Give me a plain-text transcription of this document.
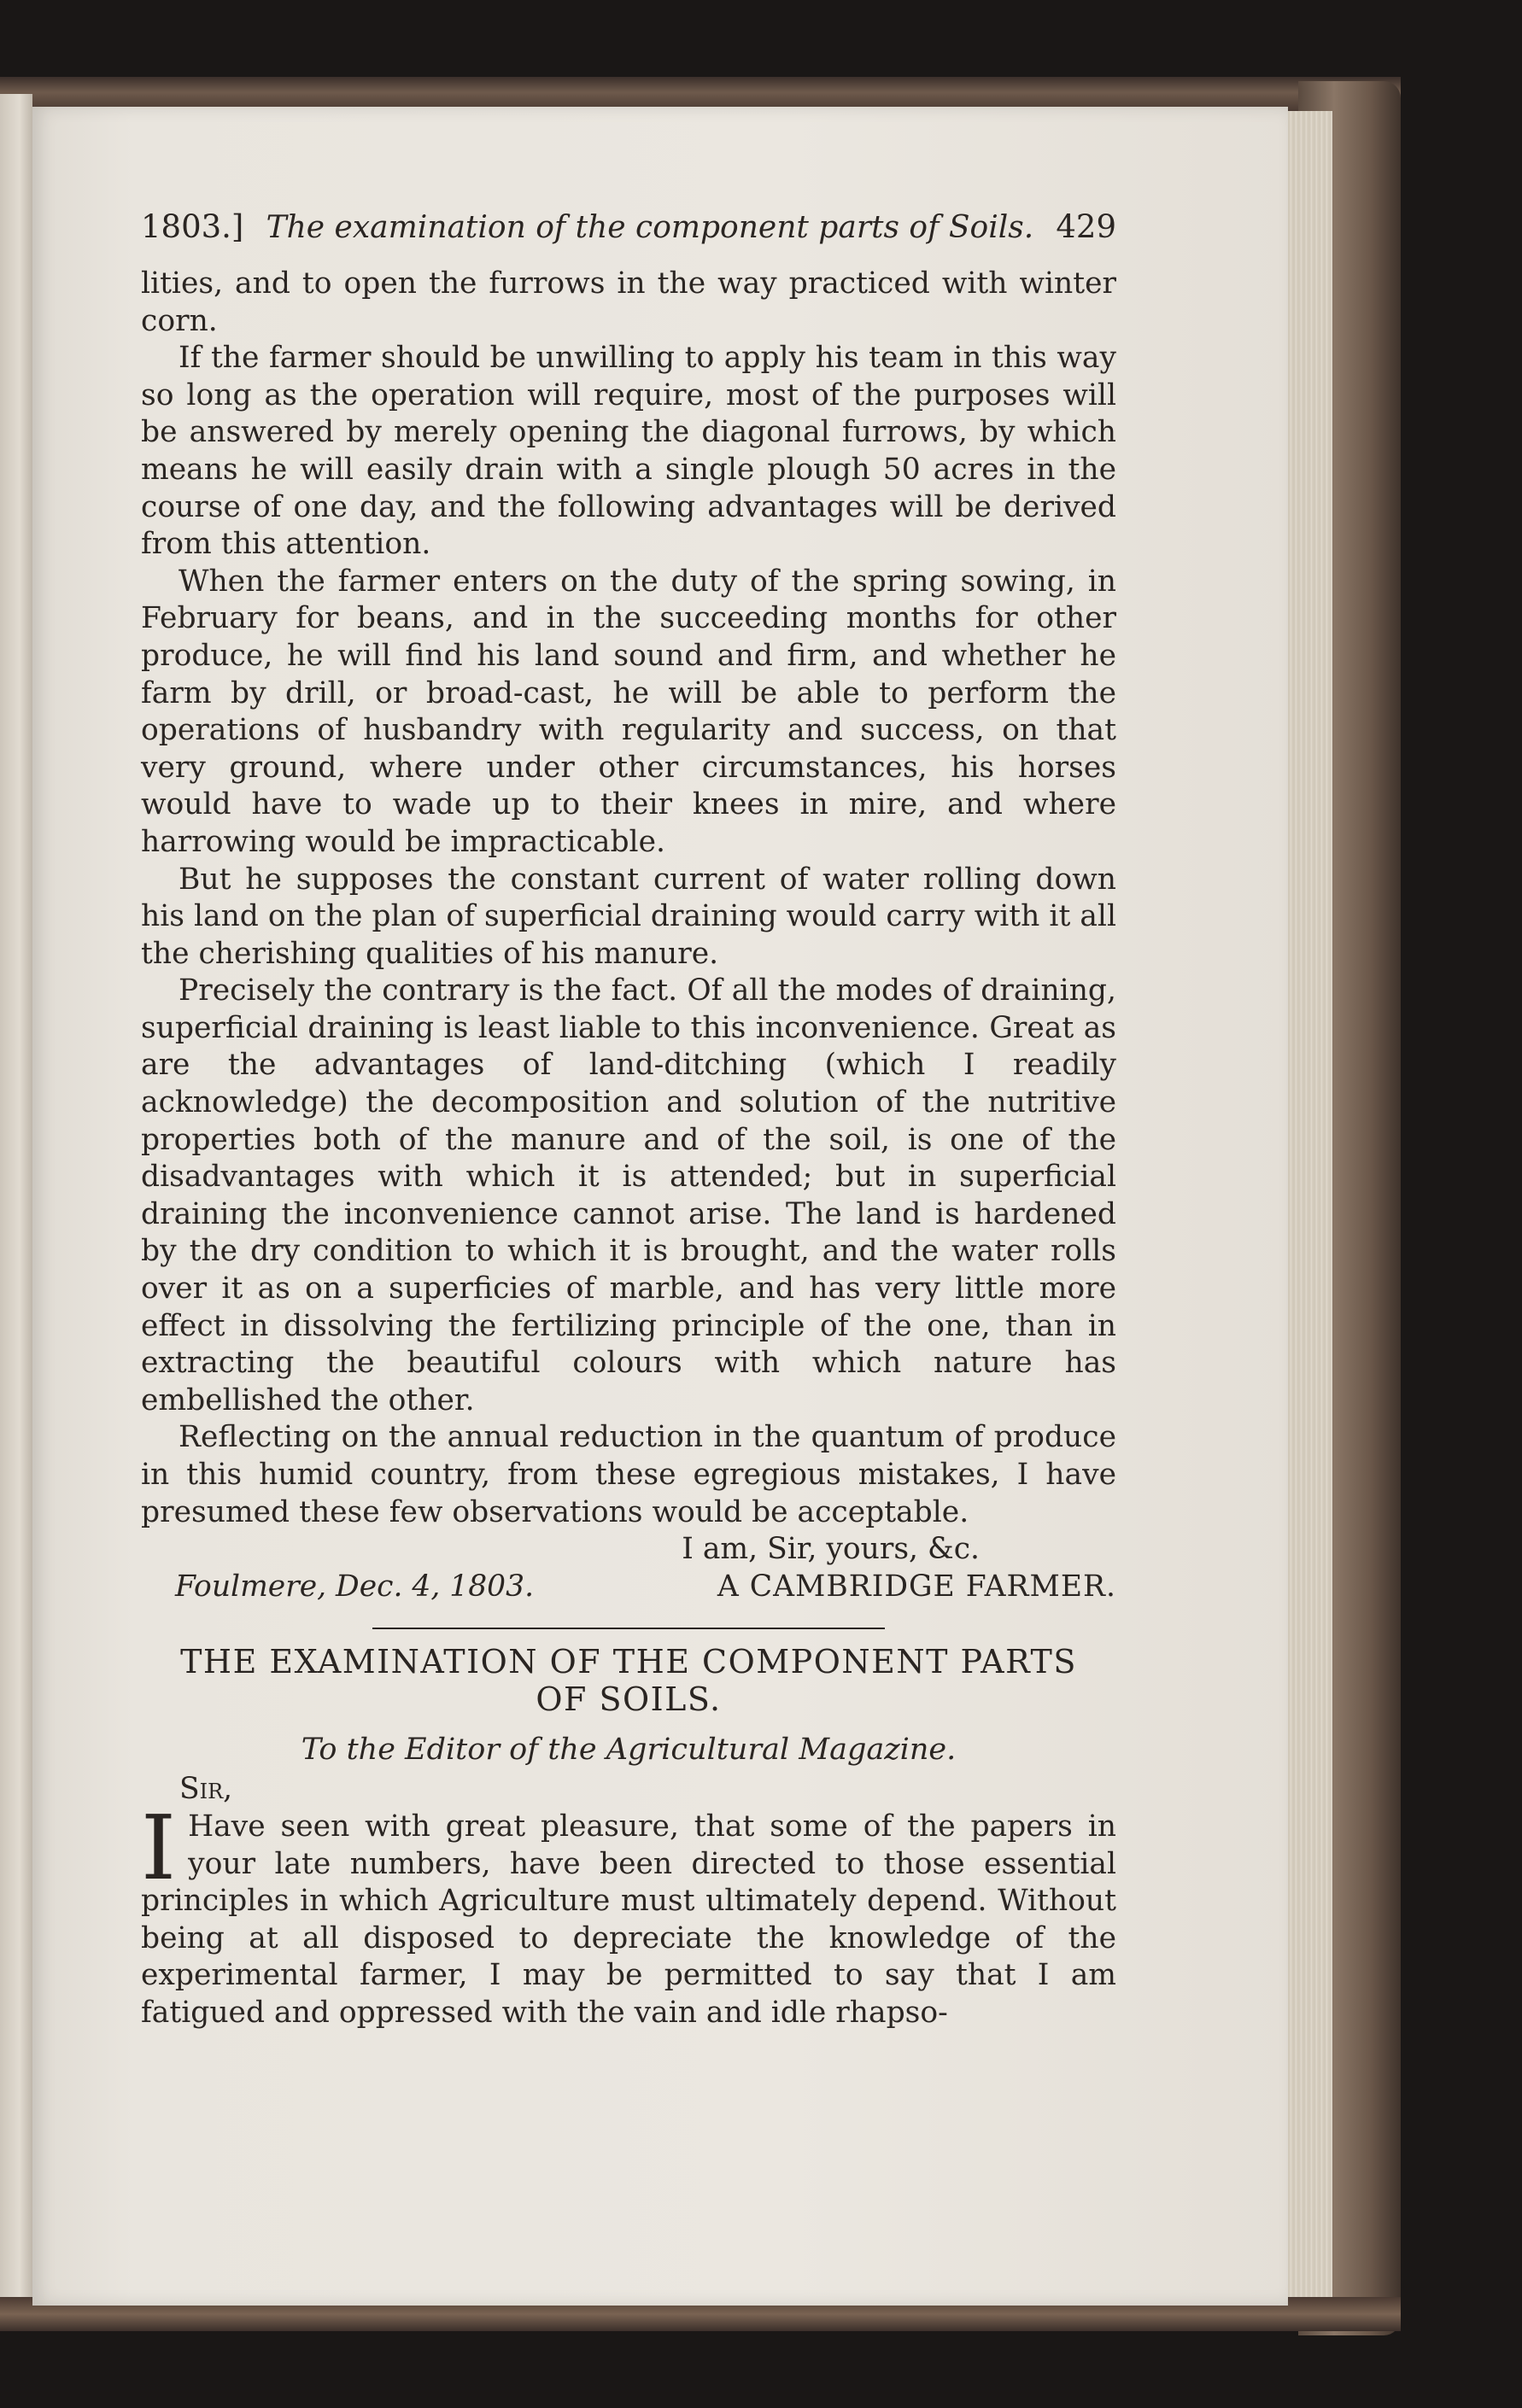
1803.] The examination of the component parts of Soils. 429

lities, and to open the furrows in the way practiced with winter corn.

If the farmer should be unwilling to apply his team in this way so long as the operation will require, most of the purposes will be answered by merely opening the diagonal furrows, by which means he will easily drain with a single plough 50 acres in the course of one day, and the following advantages will be derived from this attention.

When the farmer enters on the duty of the spring sowing, in February for beans, and in the succeeding months for other produce, he will find his land sound and firm, and whether he farm by drill, or broad-cast, he will be able to perform the operations of husbandry with regularity and success, on that very ground, where under other circumstances, his horses would have to wade up to their knees in mire, and where harrowing would be impracticable.

But he supposes the constant current of water rolling down his land on the plan of superficial draining would carry with it all the cherishing qualities of his manure.

Precisely the contrary is the fact. Of all the modes of draining, superficial draining is least liable to this inconvenience. Great as are the advantages of land-ditching (which I readily acknowledge) the decomposition and solution of the nutritive properties both of the manure and of the soil, is one of the disadvantages with which it is attended; but in superficial draining the inconvenience cannot arise. The land is hardened by the dry condition to which it is brought, and the water rolls over it as on a superficies of marble, and has very little more effect in dissolving the fertilizing principle of the one, than in extracting the beautiful colours with which nature has embellished the other.

Reflecting on the annual reduction in the quantum of produce in this humid country, from these egregious mistakes, I have presumed these few observations would be acceptable.

I am, Sir, yours, &c.

Foulmere, Dec. 4, 1803.	A CAMBRIDGE FARMER.

THE EXAMINATION OF THE COMPONENT PARTS

OF SOILS.

To the Editor of the Agricultural Magazine.

Sir,

I Have seen with great pleasure, that some of the papers in your late numbers, have been directed to those essential principles in which Agriculture must ultimately depend. Without being at all disposed to depreciate the knowledge of the experimental farmer, I may be permitted to say that I am fatigued and oppressed with the vain and idle rhapso-
